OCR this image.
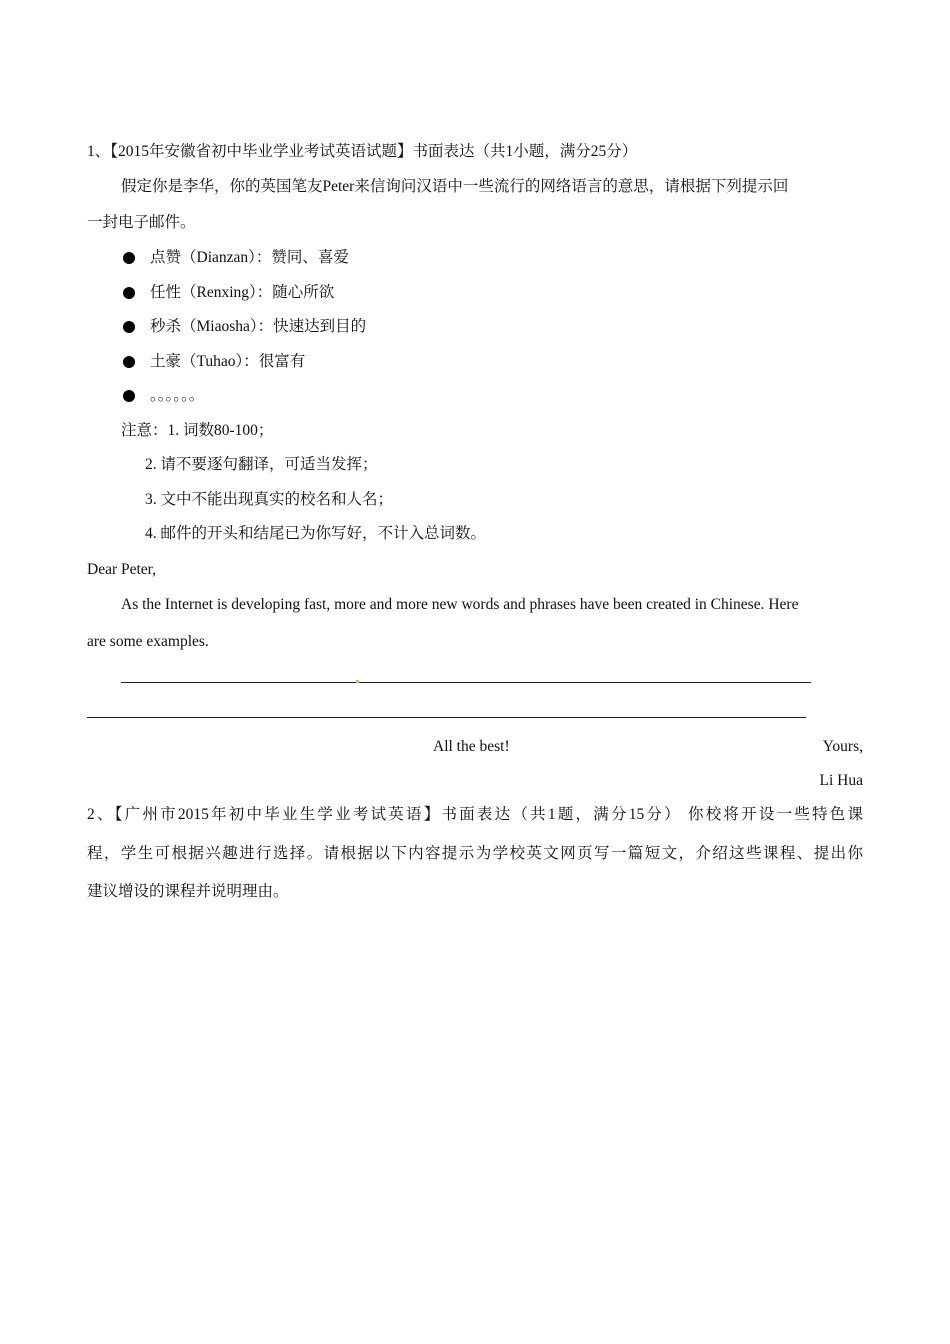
1、【2015年安徽省初中毕业学业考试英语试题】书面表达（共1小题，满分25分）
假定你是李华，你的英国笔友Peter来信询问汉语中一些流行的网络语言的意思，请根据下列提示回
一封电子邮件。
点赞（Dianzan）：赞同、喜爱
任性（Renxing）：随心所欲
秒杀（Miaosha）：快速达到目的
土豪（Tuhao）：很富有
。。。。。。
注意：1. 词数80-100；
2. 请不要逐句翻译，可适当发挥；
3. 文中不能出现真实的校名和人名；
4. 邮件的开头和结尾已为你写好，不计入总词数。
Dear Peter,
As the Internet is developing fast, more and more new words and phrases have been created in Chinese. Here
are some examples.
All the best!	Yours,
Li Hua
2、【广州市2015年初中毕业生学业考试英语】书面表达（共1题，满分15分） 你校将开设一些特色课
程，学生可根据兴趣进行选择。请根据以下内容提示为学校英文网页写一篇短文，介绍这些课程、提出你
建议增设的课程并说明理由。
